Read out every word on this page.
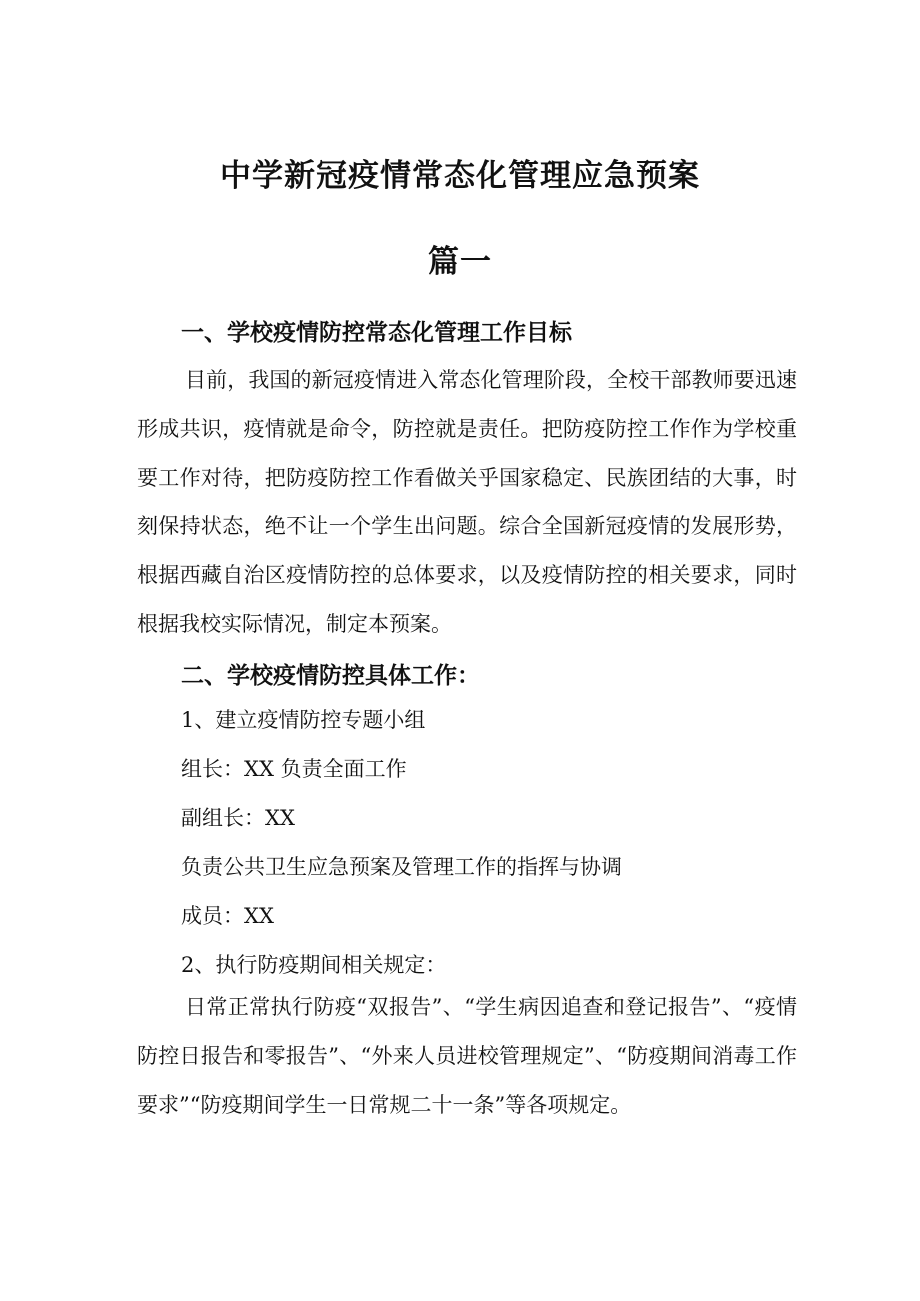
中学新冠疫情常态化管理应急预案
篇一
一、学校疫情防控常态化管理工作目标

目前，我国的新冠疫情进入常态化管理阶段，全校干部教师要迅速形成共识，疫情就是命令，防控就是责任。把防疫防控工作作为学校重要工作对待，把防疫防控工作看做关乎国家稳定、民族团结的大事，时刻保持状态，绝不让一个学生出问题。综合全国新冠疫情的发展形势，根据西藏自治区疫情防控的总体要求，以及疫情防控的相关要求，同时根据我校实际情况，制定本预案。

二、学校疫情防控具体工作：

1、建立疫情防控专题小组

组长：XX 负责全面工作

副组长：XX

负责公共卫生应急预案及管理工作的指挥与协调

成员：XX

2、执行防疫期间相关规定：

日常正常执行防疫“双报告”、“学生病因追查和登记报告”、“疫情防控日报告和零报告”、“外来人员进校管理规定”、“防疫期间消毒工作要求”“防疫期间学生一日常规二十一条”等各项规定。
